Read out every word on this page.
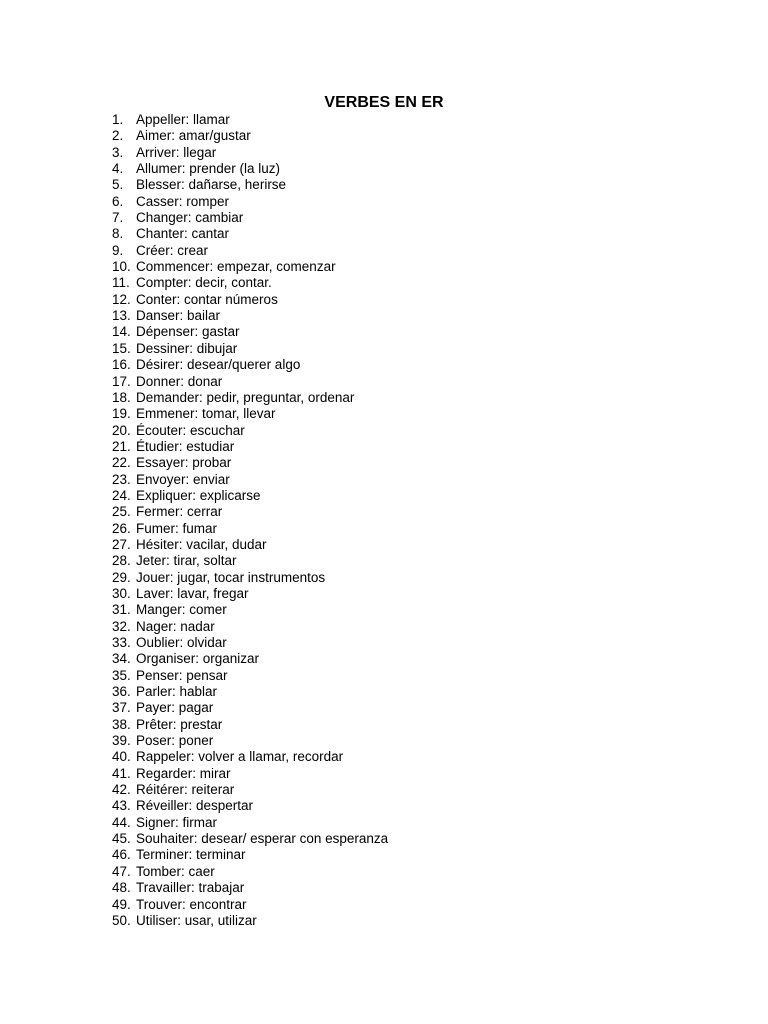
VERBES EN ER
1. Appeller: llamar
2. Aimer: amar/gustar
3. Arriver: llegar
4. Allumer: prender (la luz)
5. Blesser: dañarse, herirse
6. Casser: romper
7. Changer: cambiar
8. Chanter: cantar
9. Créer: crear
10. Commencer: empezar, comenzar
11. Compter: decir, contar.
12. Conter: contar números
13. Danser: bailar
14. Dépenser: gastar
15. Dessiner: dibujar
16. Désirer: desear/querer algo
17. Donner: donar
18. Demander: pedir, preguntar, ordenar
19. Emmener: tomar, llevar
20. Écouter: escuchar
21. Étudier: estudiar
22. Essayer: probar
23. Envoyer: enviar
24. Expliquer: explicarse
25. Fermer: cerrar
26. Fumer: fumar
27. Hésiter: vacilar, dudar
28. Jeter: tirar, soltar
29. Jouer: jugar, tocar instrumentos
30. Laver: lavar, fregar
31. Manger: comer
32. Nager: nadar
33. Oublier: olvidar
34. Organiser: organizar
35. Penser: pensar
36. Parler: hablar
37. Payer: pagar
38. Prêter: prestar
39. Poser: poner
40. Rappeler: volver a llamar, recordar
41. Regarder: mirar
42. Réitérer: reiterar
43. Réveiller: despertar
44. Signer: firmar
45. Souhaiter: desear/ esperar con esperanza
46. Terminer: terminar
47. Tomber: caer
48. Travailler: trabajar
49. Trouver: encontrar
50. Utiliser: usar, utilizar
